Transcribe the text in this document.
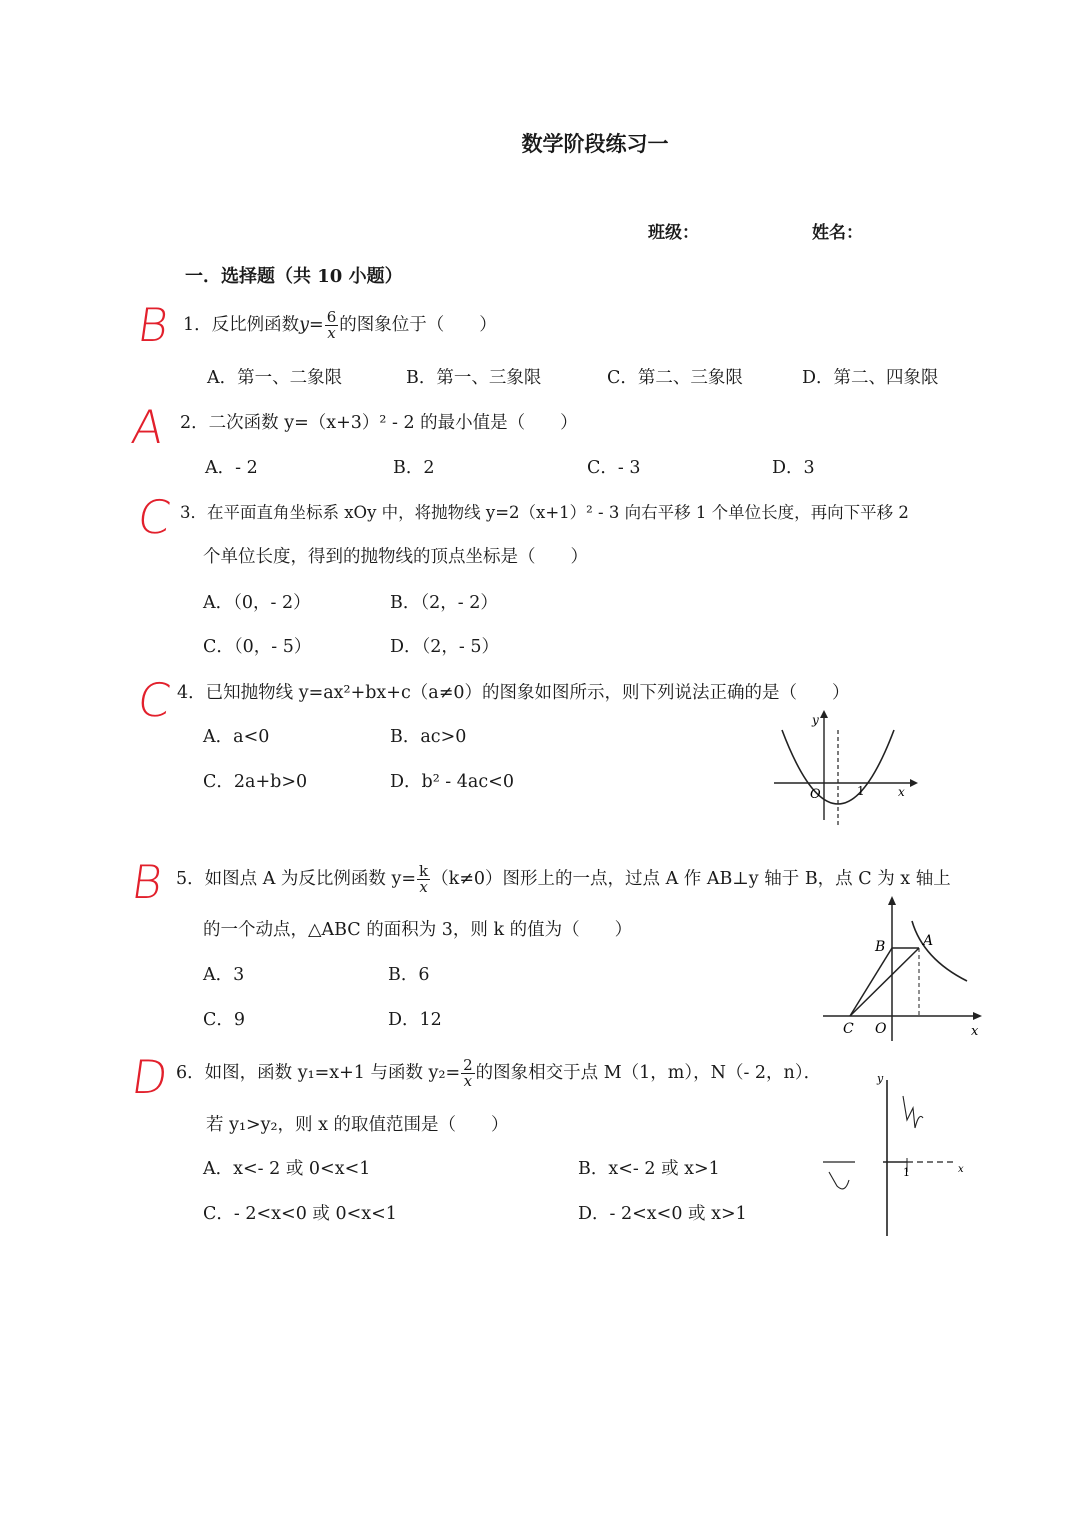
数学阶段练习一
班级：	姓名：
一．选择题（共 10 小题）
B
A
C
C
B
D
1．反比例函数$y= \frac{6}{x}$ 的图象位于（　　）
A．第一、二象限	B．第一、三象限	C．第二、三象限	D．第二、四象限
2．二次函数 y=（x+3）² - 2 的最小值是（　　）
A．- 2	B．2	C．- 3	D．3
3．在平面直角坐标系 xOy 中，将抛物线 y=2（x+1）² - 3 向右平移 1 个单位长度，再向下平移 2
个单位长度，得到的抛物线的顶点坐标是（　　）
A．（0，- 2）	B．（2，- 2）
C．（0，- 5）	D．（2，- 5）
4．已知抛物线 y=ax²+bx+c（a≠0）的图象如图所示，则下列说法正确的是（　　）
A．a<0	B．ac>0
C．2a+b>0	D．b² - 4ac<0
y
O	1	x
5．如图点 A 为反比例函数 $y= \frac{k}{x} (k\ne 0)$图形上的一点，过点 A 作 AB⊥y 轴于 B，点 C 为 x 轴上
的一个动点，△ABC 的面积为 3，则 k 的值为（　　）
A．3	B．6
C．9	D．12
B	A
C O	x
6．如图，函数 y₁=x+1 与函数 $y_2= \frac{2}{x}$ 的图象相交于点 M（1，m），N（- 2，n）．
若 y₁>y₂，则 x 的取值范围是（　　）
A．x<- 2 或 0<x<1	B．x<- 2 或 x>1
C．- 2<x<0 或 0<x<1	D．- 2<x<0 或 x>1
y
1	x
